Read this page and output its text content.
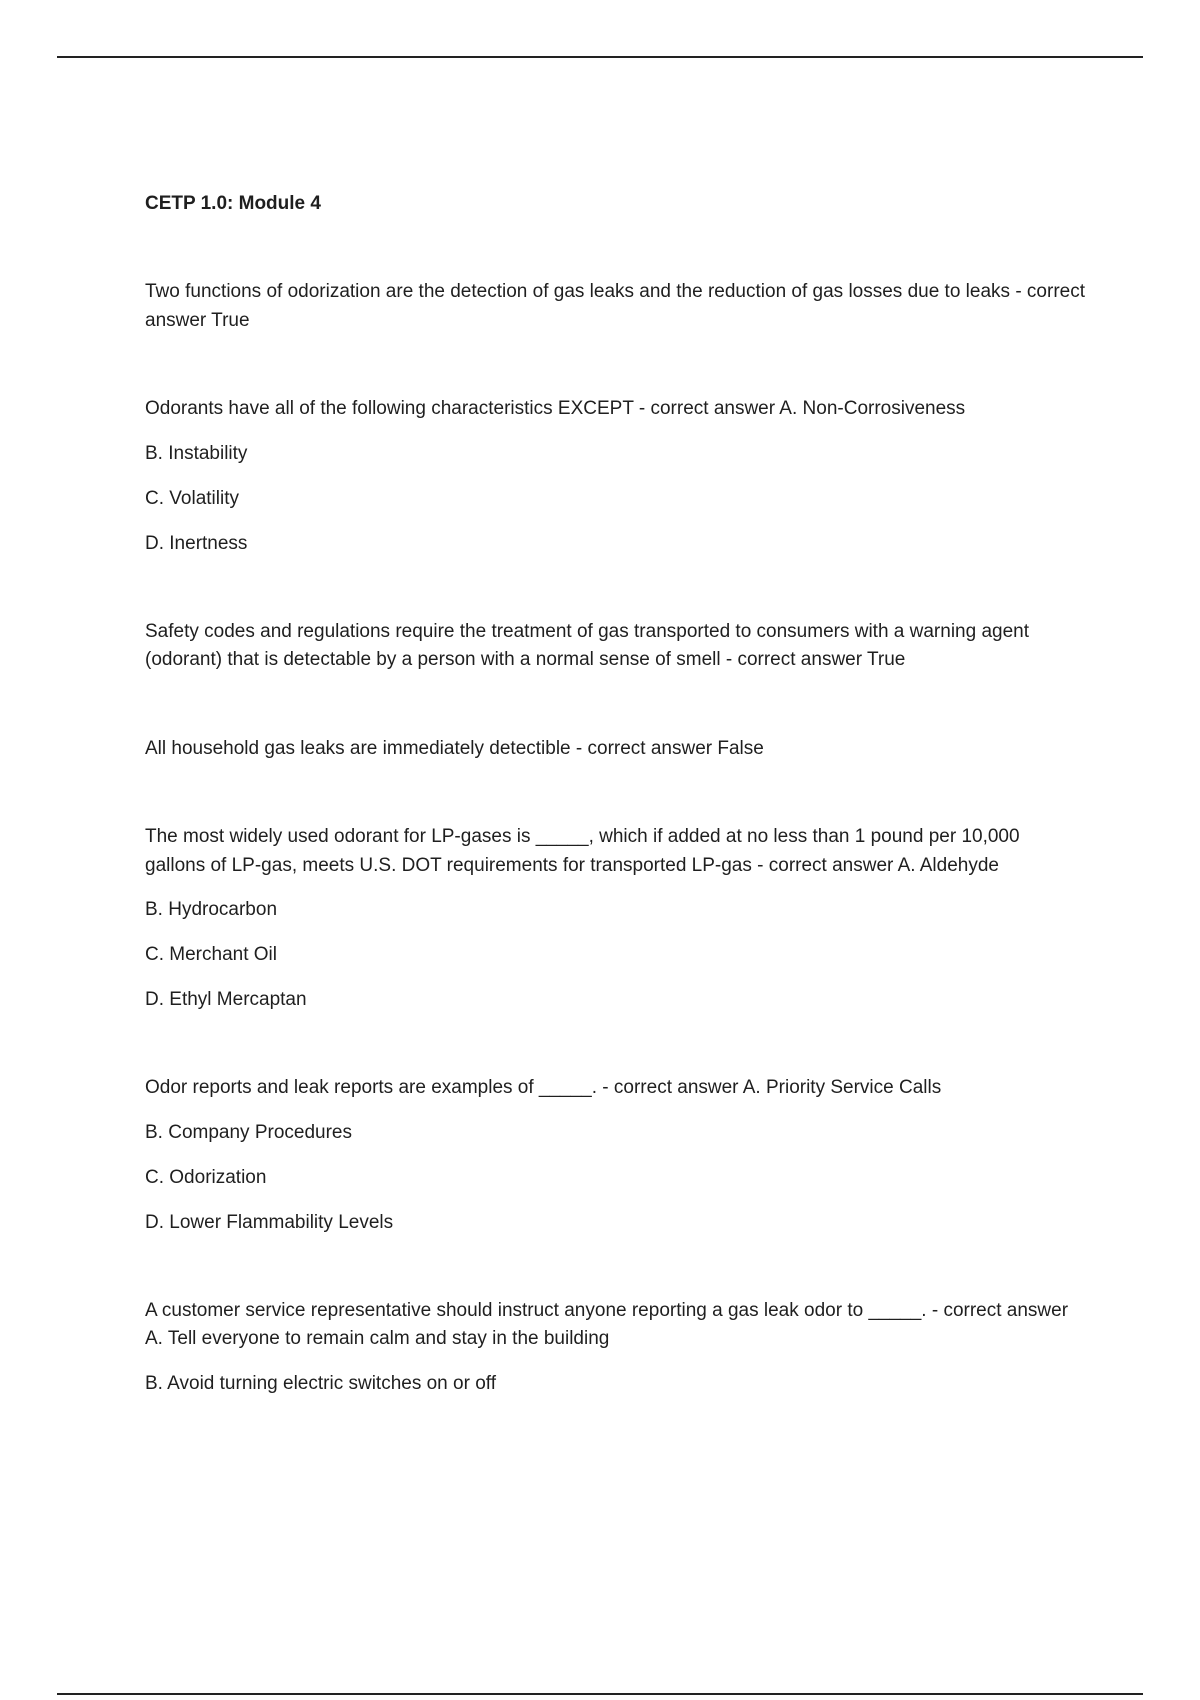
CETP 1.0: Module 4

Two functions of odorization are the detection of gas leaks and the reduction of gas losses due to leaks - correct answer True

Odorants have all of the following characteristics EXCEPT - correct answer A. Non-Corrosiveness

B. Instability

C. Volatility

D. Inertness

Safety codes and regulations require the treatment of gas transported to consumers with a warning agent (odorant) that is detectable by a person with a normal sense of smell - correct answer True

All household gas leaks are immediately detectible - correct answer False

The most widely used odorant for LP-gases is _____, which if added at no less than 1 pound per 10,000 gallons of LP-gas, meets U.S. DOT requirements for transported LP-gas - correct answer A. Aldehyde

B. Hydrocarbon

C. Merchant Oil

D. Ethyl Mercaptan

Odor reports and leak reports are examples of _____. - correct answer A. Priority Service Calls

B. Company Procedures

C. Odorization

D. Lower Flammability Levels

A customer service representative should instruct anyone reporting a gas leak odor to _____. - correct answer A. Tell everyone to remain calm and stay in the building

B. Avoid turning electric switches on or off
